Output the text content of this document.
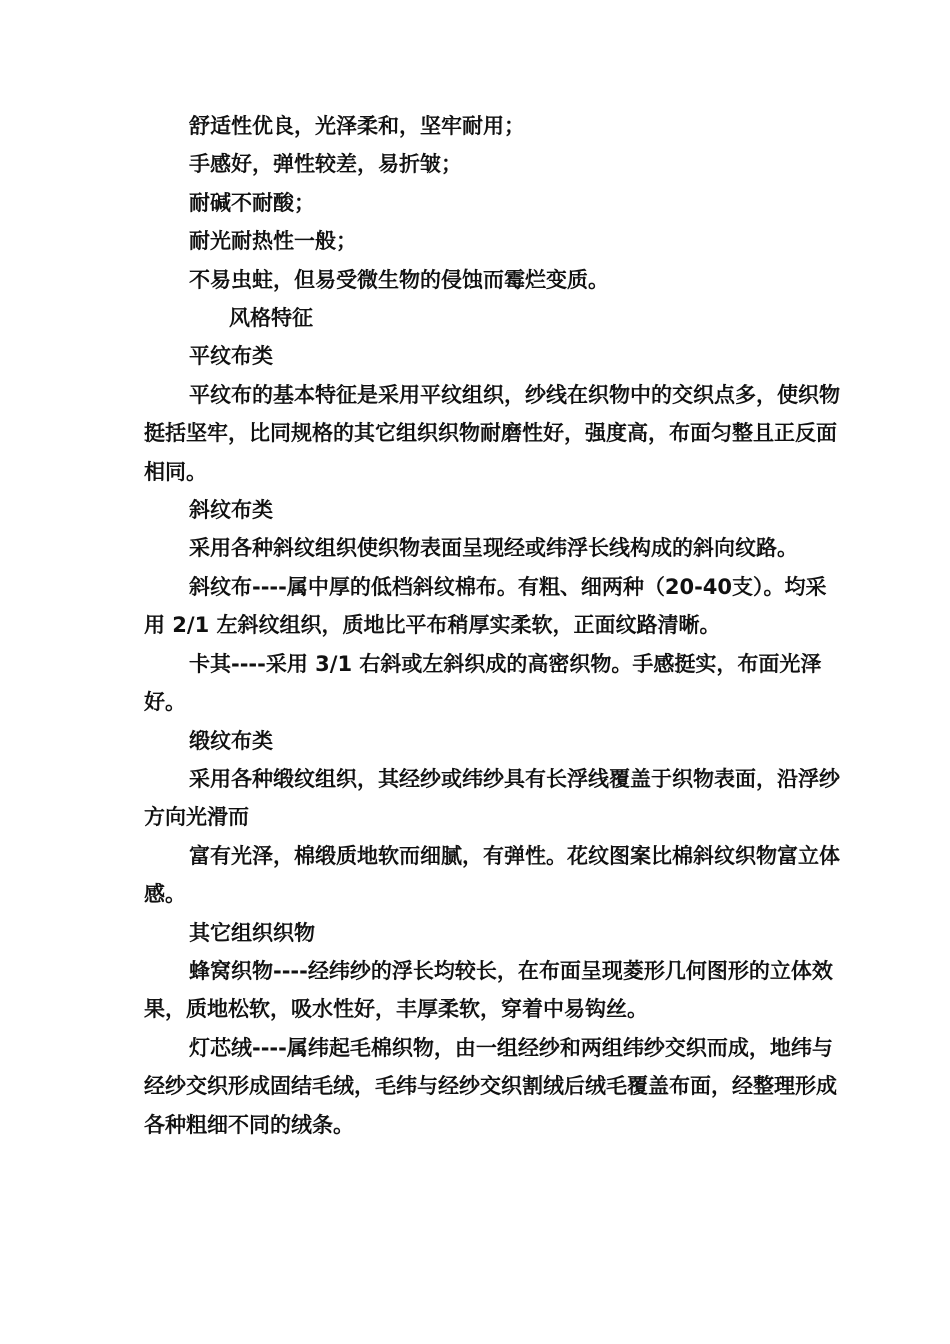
舒适性优良，光泽柔和，坚牢耐用；

手感好，弹性较差，易折皱；

耐碱不耐酸；

耐光耐热性一般；

不易虫蛀，但易受微生物的侵蚀而霉烂变质。

风格特征

平纹布类

平纹布的基本特征是采用平纹组织，纱线在织物中的交织点多，使织物挺括坚牢，比同规格的其它组织织物耐磨性好，强度高，布面匀整且正反面相同。

斜纹布类

采用各种斜纹组织使织物表面呈现经或纬浮长线构成的斜向纹路。

斜纹布----属中厚的低档斜纹棉布。有粗、细两种（20-40支）。均采用 2/1 左斜纹组织，质地比平布稍厚实柔软，正面纹路清晰。

卡其----采用 3/1 右斜或左斜织成的高密织物。手感挺实，布面光泽好。

缎纹布类

采用各种缎纹组织，其经纱或纬纱具有长浮线覆盖于织物表面，沿浮纱方向光滑而

富有光泽，棉缎质地软而细腻，有弹性。花纹图案比棉斜纹织物富立体感。

其它组织织物

蜂窝织物----经纬纱的浮长均较长，在布面呈现菱形几何图形的立体效果，质地松软，吸水性好，丰厚柔软，穿着中易钩丝。

灯芯绒----属纬起毛棉织物，由一组经纱和两组纬纱交织而成，地纬与经纱交织形成固结毛绒，毛纬与经纱交织割绒后绒毛覆盖布面，经整理形成各种粗细不同的绒条。
